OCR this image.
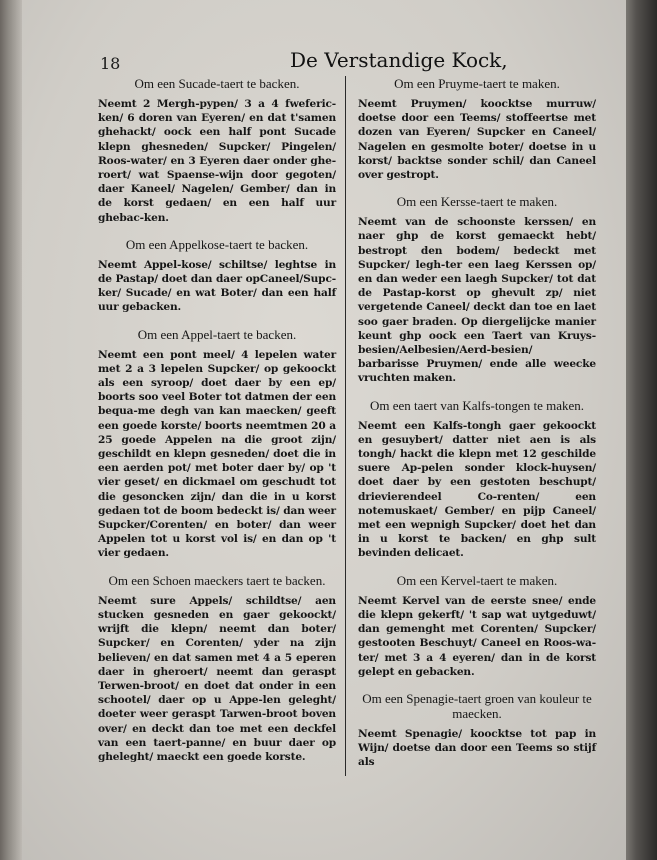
18	De Verstandige Kock,

Om een Sucade-taert te backen.

Neemt 2 Mergh-pypen/ 3 a 4 fweferic-ken/ 6 doren van Eyeren/ en dat t'samen ghehackt/ oock een half pont Sucade klepn ghesneden/ Supcker/ Pingelen/ Roos-water/ en 3 Eyeren daer onder ghe-roert/ wat Spaense-wijn door gegoten/ daer Kaneel/ Nagelen/ Gember/ dan in de korst gedaen/ en een half uur ghebac-ken.

Om een Appelkose-taert te backen.

Neemt Appel-kose/ schiltse/ leghtse in de Pastap/ doet dan daer opCaneel/Supc-ker/ Sucade/ en wat Boter/ dan een half uur gebacken.

Om een Appel-taert te backen.

Neemt een pont meel/ 4 lepelen water met 2 a 3 lepelen Supcker/ op gekoockt als een syroop/ doet daer by een ep/ boorts soo veel Boter tot datmen der een bequa-me degh van kan maecken/ geeft een goede korste/ boorts neemtmen 20 a 25 goede Appelen na die groot zijn/ geschildt en klepn gesneden/ doet die in een aerden pot/ met boter daer by/ op 't vier geset/ en dickmael om geschudt tot die gesoncken zijn/ dan die in u korst gedaen tot de boom bedeckt is/ dan weer Supcker/Corenten/ en boter/ dan weer Appelen tot u korst vol is/ en dan op 't vier gedaen.

Om een Schoen maeckers taert te backen.

Neemt sure Appels/ schildtse/ aen stucken gesneden en gaer gekoockt/ wrijft die klepn/ neemt dan boter/ Supcker/ en Corenten/ yder na zijn believen/ en dat samen met 4 a 5 eperen daer in gheroert/ neemt dan geraspt Terwen-broot/ en doet dat onder in een schootel/ daer op u Appe-len geleght/ doeter weer geraspt Tarwen-broot boven over/ en deckt dan toe met een deckfel van een taert-panne/ en buur daer op gheleght/ maeckt een goede korste.

Om een Pruyme-taert te maken.

Neemt Pruymen/ koocktse murruw/ doetse door een Teems/ stoffeertse met dozen van Eyeren/ Supcker en Caneel/ Nagelen en gesmolte boter/ doetse in u korst/ backtse sonder schil/ dan Caneel over gestropt.

Om een Kersse-taert te maken.

Neemt van de schoonste kerssen/ en naer ghp de korst gemaeckt hebt/ bestropt den bodem/ bedeckt met Supcker/ legh-ter een laeg Kerssen op/ en dan weder een laegh Supcker/ tot dat de Pastap-korst op ghevult zp/ niet vergetende Caneel/ deckt dan toe en laet soo gaer braden. Op diergelijcke manier keunt ghp oock een Taert van Kruys-besien/Aelbesien/Aerd-besien/ barbarisse Pruymen/ ende alle weecke vruchten maken.

Om een taert van Kalfs-tongen te maken.

Neemt een Kalfs-tongh gaer gekoockt en gesuybert/ datter niet aen is als tongh/ hackt die klepn met 12 geschilde suere Ap-pelen sonder klock-huysen/ doet daer by een gestoten beschupt/ drievierendeel Co-renten/ een notemuskaet/ Gember/ en pijp Caneel/ met een wepnigh Supcker/ doet het dan in u korst te backen/ en ghp sult bevinden delicaet.

Om een Kervel-taert te maken.

Neemt Kervel van de eerste snee/ ende die klepn gekerft/ 't sap wat uytgeduwt/ dan gemenght met Corenten/ Supcker/ gestooten Beschuyt/ Caneel en Roos-wa-ter/ met 3 a 4 eyeren/ dan in de korst gelept en gebacken.

Om een Spenagie-taert groen van kouleur te maecken.

Neemt Spenagie/ koocktse tot pap in Wijn/ doetse dan door een Teems so stijf als
